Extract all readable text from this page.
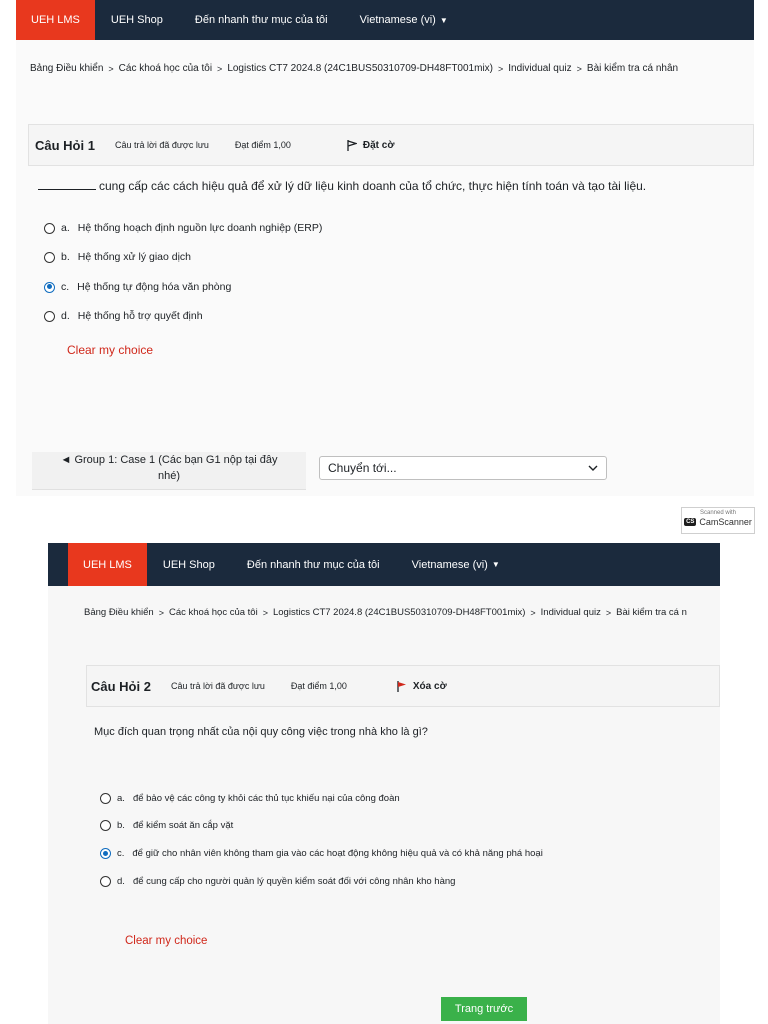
UEH LMS	UEH Shop	Đến nhanh thư mục của tôi	Vietnamese (vi) ▼
Bảng Điều khiển > Các khoá học của tôi > Logistics CT7 2024.8 (24C1BUS50310709-DH48FT001mix) > Individual quiz > Bài kiểm tra cá nhân
Câu Hỏi 1 Câu trả lời đã được lưu	Đạt điểm 1,00	Đặt cờ
cung cấp các cách hiệu quả để xử lý dữ liệu kinh doanh của tổ chức, thực hiện tính toán và tạo tài liệu.
a. Hệ thống hoạch định nguồn lực doanh nghiệp (ERP)
b. Hệ thống xử lý giao dịch
c. Hệ thống tự động hóa văn phòng
d. Hệ thống hỗ trợ quyết định
Clear my choice
◄ Group 1: Case 1 (Các bạn G1 nộp tại đây
nhé)
Chuyển tới...
Scanned with
CS CamScanner
UEH LMS	UEH Shop	Đến nhanh thư mục của tôi	Vietnamese (vi) ▼
Bảng Điều khiển > Các khoá học của tôi > Logistics CT7 2024.8 (24C1BUS50310709-DH48FT001mix) > Individual quiz > Bài kiểm tra cá n
Câu Hỏi 2 Câu trả lời đã được lưu	Đạt điểm 1,00	Xóa cờ
Mục đích quan trọng nhất của nội quy công việc trong nhà kho là gì?
a. để bảo vệ các công ty khỏi các thủ tục khiếu nại của công đoàn
b. để kiểm soát ăn cắp vặt
c. để giữ cho nhân viên không tham gia vào các hoạt động không hiệu quả và có khả năng phá hoại
d. để cung cấp cho người quản lý quyền kiểm soát đối với công nhân kho hàng
Clear my choice
Trang trước
